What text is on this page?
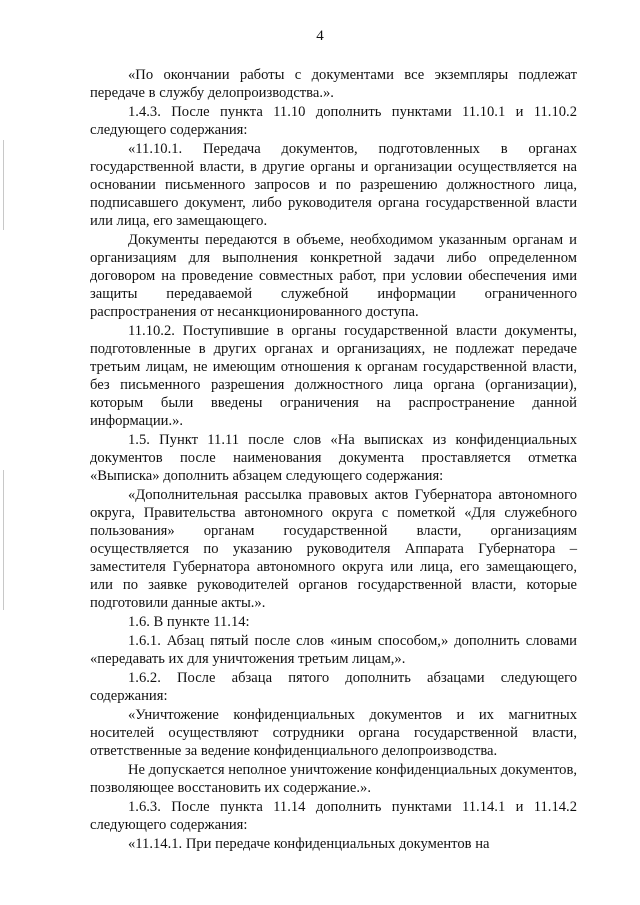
4

«По окончании работы с документами все экземпляры подлежат передаче в службу делопроизводства.».

1.4.3. После пункта 11.10 дополнить пунктами 11.10.1 и 11.10.2 следующего содержания:

«11.10.1. Передача документов, подготовленных в органах государственной власти, в другие органы и организации осуществляется на основании письменного запросов и по разрешению должностного лица, подписавшего документ, либо руководителя органа государственной власти или лица, его замещающего.

Документы передаются в объеме, необходимом указанным органам и организациям для выполнения конкретной задачи либо определенном договором на проведение совместных работ, при условии обеспечения ими защиты передаваемой служебной информации ограниченного распространения от несанкционированного доступа.

11.10.2. Поступившие в органы государственной власти документы, подготовленные в других органах и организациях, не подлежат передаче третьим лицам, не имеющим отношения к органам государственной власти, без письменного разрешения должностного лица органа (организации), которым были введены ограничения на распространение данной информации.».

1.5. Пункт 11.11 после слов «На выписках из конфиденциальных документов после наименования документа проставляется отметка «Выписка» дополнить абзацем следующего содержания:

«Дополнительная рассылка правовых актов Губернатора автономного округа, Правительства автономного округа с пометкой «Для служебного пользования» органам государственной власти, организациям осуществляется по указанию руководителя Аппарата Губернатора – заместителя Губернатора автономного округа или лица, его замещающего, или по заявке руководителей органов государственной власти, которые подготовили данные акты.».

1.6. В пункте 11.14:

1.6.1. Абзац пятый после слов «иным способом,» дополнить словами «передавать их для уничтожения третьим лицам,».

1.6.2. После абзаца пятого дополнить абзацами следующего содержания:

«Уничтожение конфиденциальных документов и их магнитных носителей осуществляют сотрудники органа государственной власти, ответственные за ведение конфиденциального делопроизводства.

Не допускается неполное уничтожение конфиденциальных документов, позволяющее восстановить их содержание.».

1.6.3. После пункта 11.14 дополнить пунктами 11.14.1 и 11.14.2 следующего содержания:

«11.14.1. При передаче конфиденциальных документов на
